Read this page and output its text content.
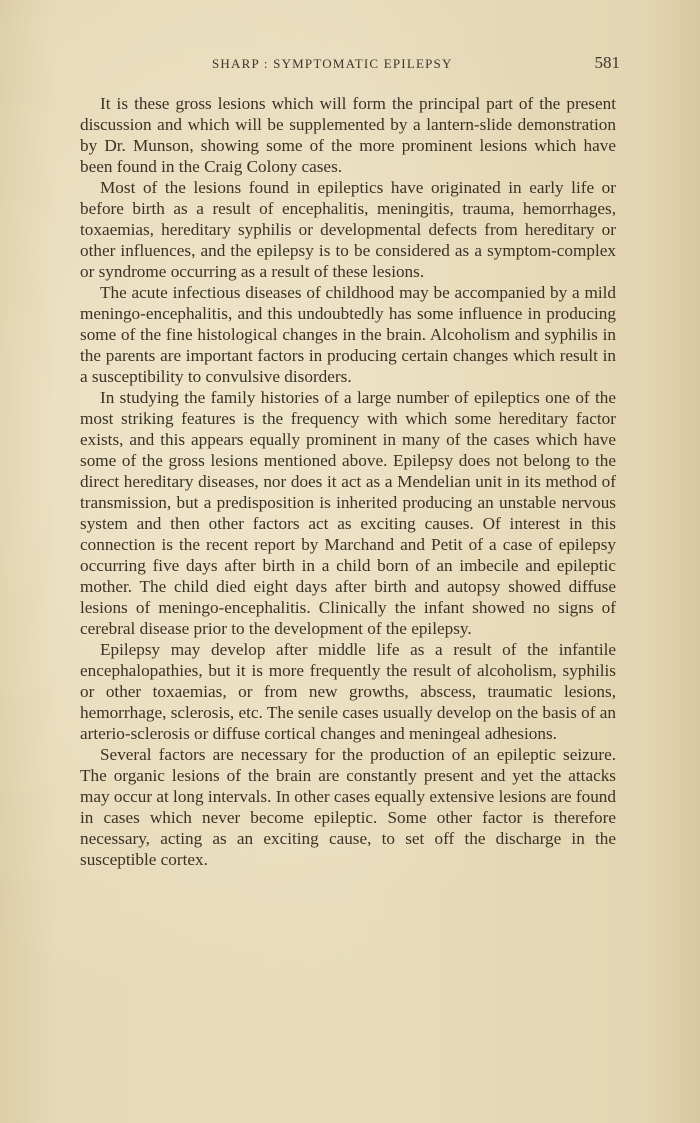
SHARP : SYMPTOMATIC EPILEPSY	581

It is these gross lesions which will form the principal part of the present discussion and which will be supplemented by a lantern-slide demonstration by Dr. Munson, showing some of the more prominent lesions which have been found in the Craig Colony cases.

Most of the lesions found in epileptics have originated in early life or before birth as a result of encephalitis, meningitis, trauma, hemorrhages, toxaemias, hereditary syphilis or developmental defects from hereditary or other influences, and the epilepsy is to be considered as a symptom-complex or syndrome occurring as a result of these lesions.

The acute infectious diseases of childhood may be accompanied by a mild meningo-encephalitis, and this undoubtedly has some influence in producing some of the fine histological changes in the brain. Alcoholism and syphilis in the parents are important factors in producing certain changes which result in a susceptibility to convulsive disorders.

In studying the family histories of a large number of epileptics one of the most striking features is the frequency with which some hereditary factor exists, and this appears equally prominent in many of the cases which have some of the gross lesions mentioned above. Epilepsy does not belong to the direct hereditary diseases, nor does it act as a Mendelian unit in its method of transmission, but a predisposition is inherited producing an unstable nervous system and then other factors act as exciting causes. Of interest in this connection is the recent report by Marchand and Petit of a case of epilepsy occurring five days after birth in a child born of an imbecile and epileptic mother. The child died eight days after birth and autopsy showed diffuse lesions of meningo-encephalitis. Clinically the infant showed no signs of cerebral disease prior to the development of the epilepsy.

Epilepsy may develop after middle life as a result of the infantile encephalopathies, but it is more frequently the result of alcoholism, syphilis or other toxaemias, or from new growths, abscess, traumatic lesions, hemorrhage, sclerosis, etc. The senile cases usually develop on the basis of an arterio-sclerosis or diffuse cortical changes and meningeal adhesions.

Several factors are necessary for the production of an epileptic seizure. The organic lesions of the brain are constantly present and yet the attacks may occur at long intervals. In other cases equally extensive lesions are found in cases which never become epileptic. Some other factor is therefore necessary, acting as an exciting cause, to set off the discharge in the susceptible cortex.
